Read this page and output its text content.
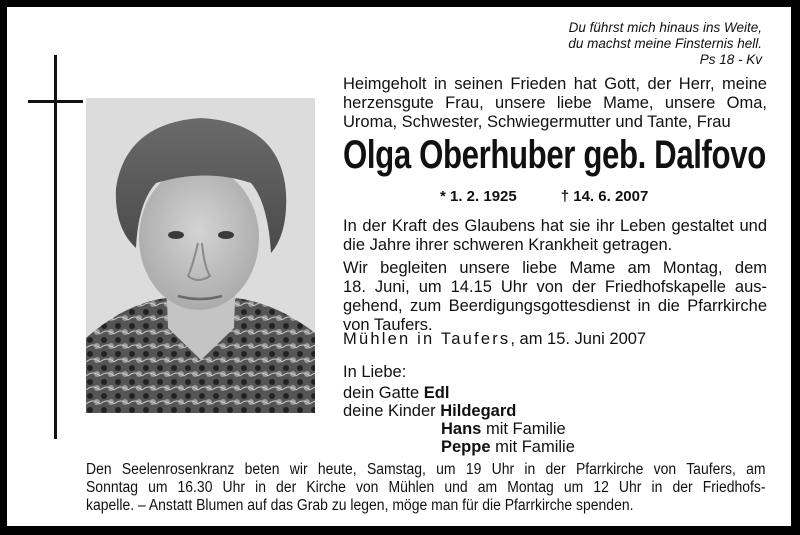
Du führst mich hinaus ins Weite,
du machst meine Finsternis hell.
Ps 18 - Kv
Heimgeholt in seinen Frieden hat Gott, der Herr, meine
herzensgute Frau, unsere liebe Mame, unsere Oma,
Uroma, Schwester, Schwiegermutter und Tante, Frau
Olga Oberhuber geb. Dalfovo
* 1. 2. 1925	† 14. 6. 2007
In der Kraft des Glaubens hat sie ihr Leben gestaltet und
die Jahre ihrer schweren Krankheit getragen.
Wir begleiten unsere liebe Mame am Montag, dem
18. Juni, um 14.15 Uhr von der Friedhofskapelle aus-
gehend, zum Beerdigungsgottesdienst in die Pfarrkirche
von Taufers.
Mühlen in Taufers, am 15. Juni 2007
In Liebe:
dein Gatte Edl
deine Kinder Hildegard
Hans mit Familie
Peppe mit Familie
Den Seelenrosenkranz beten wir heute, Samstag, um 19 Uhr in der Pfarrkirche von Taufers, am
Sonntag um 16.30 Uhr in der Kirche von Mühlen und am Montag um 12 Uhr in der Friedhofs-
kapelle. – Anstatt Blumen auf das Grab zu legen, möge man für die Pfarrkirche spenden.
